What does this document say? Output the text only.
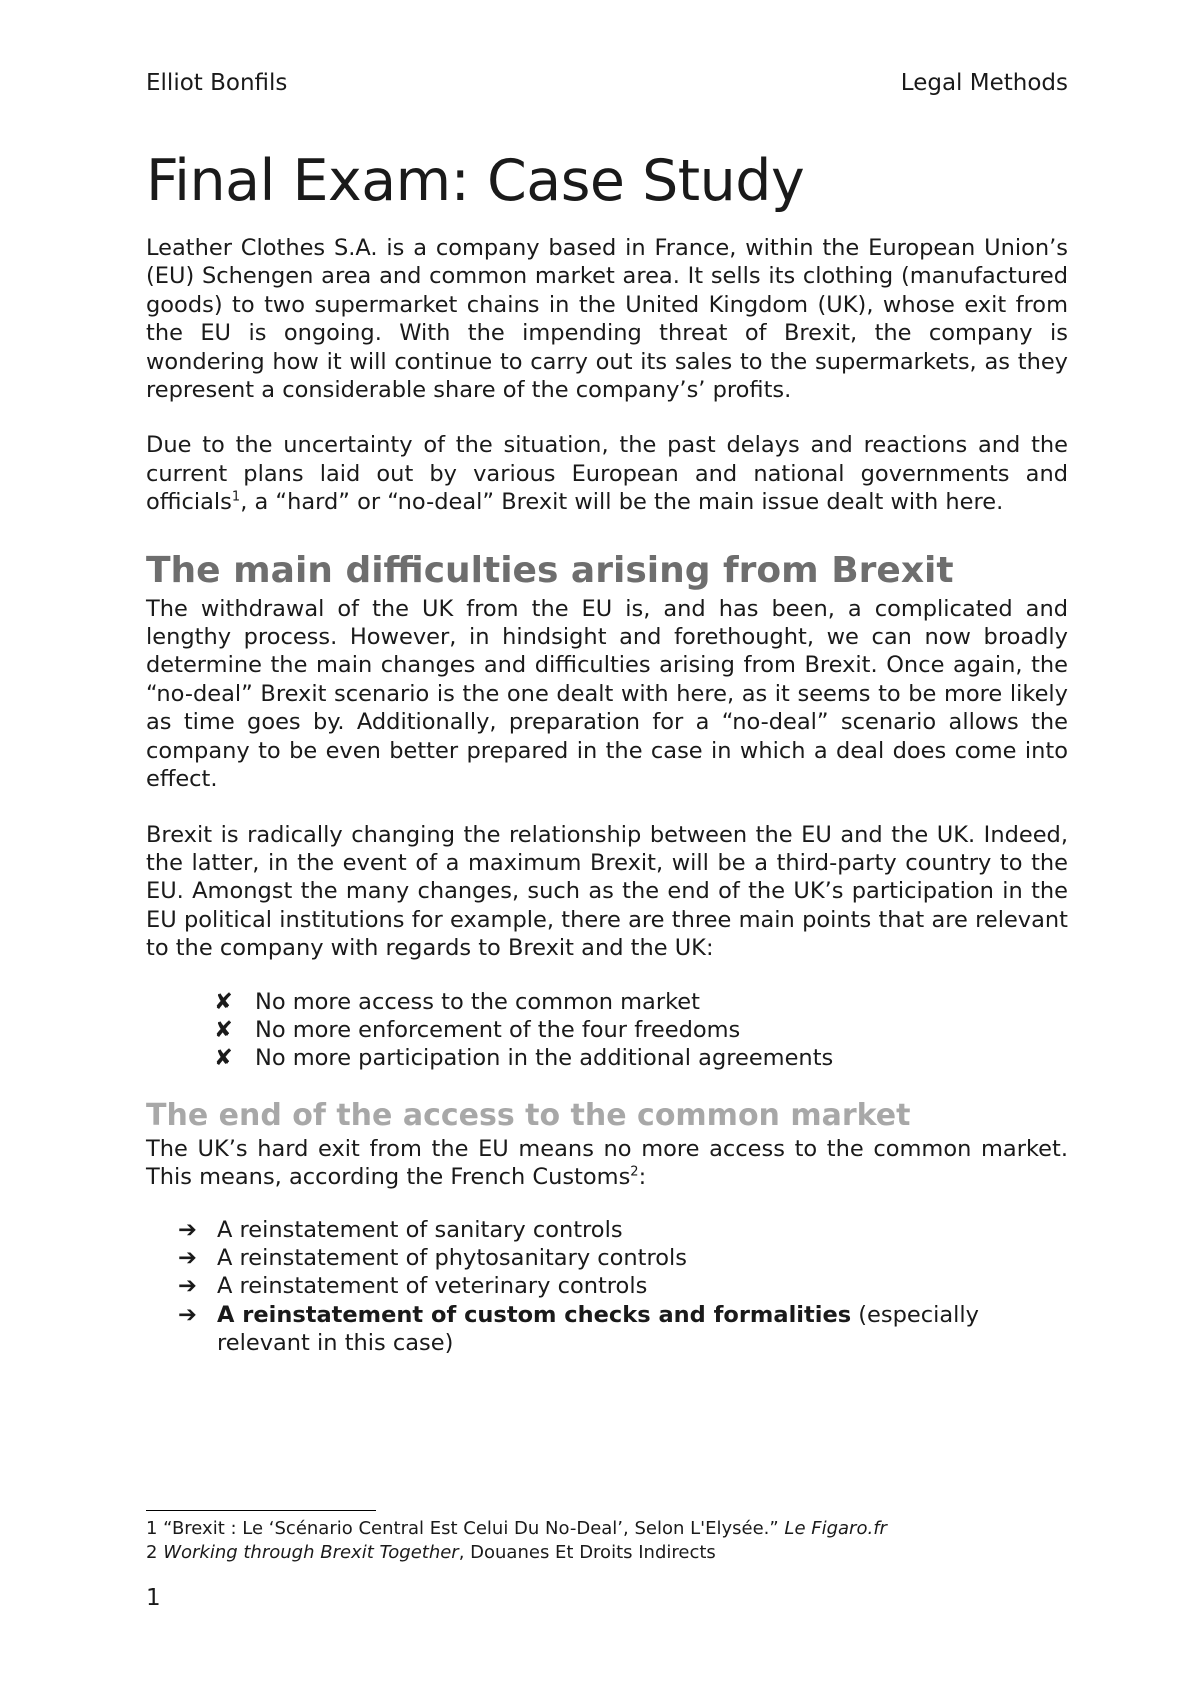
Elliot Bonfils	Legal Methods
Final Exam: Case Study

Leather Clothes S.A. is a company based in France, within the European Union’s (EU) Schengen area and common market area. It sells its clothing (manufactured goods) to two supermarket chains in the United Kingdom (UK), whose exit from the EU is ongoing. With the impending threat of Brexit, the company is wondering how it will continue to carry out its sales to the supermarkets, as they represent a considerable share of the company’s’ profits.

Due to the uncertainty of the situation, the past delays and reactions and the current plans laid out by various European and national governments and officials$^1$, a “hard” or “no-deal” Brexit will be the main issue dealt with here.

The main difficulties arising from Brexit

The withdrawal of the UK from the EU is, and has been, a complicated and lengthy process. However, in hindsight and forethought, we can now broadly determine the main changes and difficulties arising from Brexit. Once again, the “no-deal” Brexit scenario is the one dealt with here, as it seems to be more likely as time goes by. Additionally, preparation for a “no-deal” scenario allows the company to be even better prepared in the case in which a deal does come into effect.

Brexit is radically changing the relationship between the EU and the UK. Indeed, the latter, in the event of a maximum Brexit, will be a third-party country to the EU. Amongst the many changes, such as the end of the UK’s participation in the EU political institutions for example, there are three main points that are relevant to the company with regards to Brexit and the UK:

✘ No more access to the common market
✘ No more enforcement of the four freedoms
✘ No more participation in the additional agreements
The end of the access to the common market

The UK’s hard exit from the EU means no more access to the common market. This means, according the French Customs$^2$:

➔ A reinstatement of sanitary controls
➔ A reinstatement of phytosanitary controls
➔ A reinstatement of veterinary controls
➔ A reinstatement of custom checks and formalities (especially relevant in this case)
1 “Brexit : Le ‘Scénario Central Est Celui Du No-Deal’, Selon L'Elysée.” Le Figaro.fr
2 Working through Brexit Together, Douanes Et Droits Indirects
1
